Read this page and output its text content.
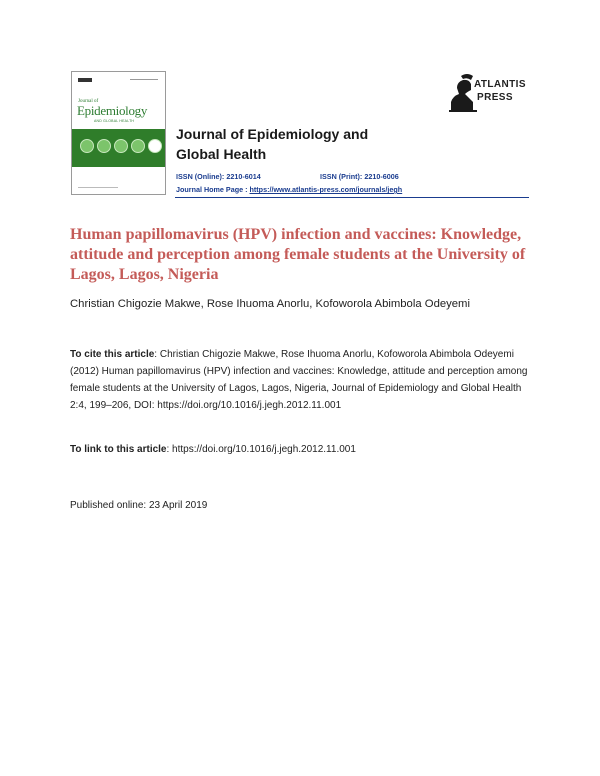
Journal of
Epidemiology
AND GLOBAL HEALTH
ATLANTIS
PRESS
Journal of Epidemiology and
Global Health
ISSN (Online): 2210-6014	ISSN (Print): 2210-6006
Journal Home Page : https://www.atlantis-press.com/journals/jegh
Human papillomavirus (HPV) infection and vaccines: Knowledge, attitude and perception among female students at the University of Lagos, Lagos, Nigeria
Christian Chigozie Makwe, Rose Ihuoma Anorlu, Kofoworola Abimbola Odeyemi
To cite this article: Christian Chigozie Makwe, Rose Ihuoma Anorlu, Kofoworola Abimbola Odeyemi (2012) Human papillomavirus (HPV) infection and vaccines: Knowledge, attitude and perception among female students at the University of Lagos, Lagos, Nigeria, Journal of Epidemiology and Global Health 2:4, 199–206, DOI: https://doi.org/10.1016/j.jegh.2012.11.001
To link to this article: https://doi.org/10.1016/j.jegh.2012.11.001
Published online: 23 April 2019
